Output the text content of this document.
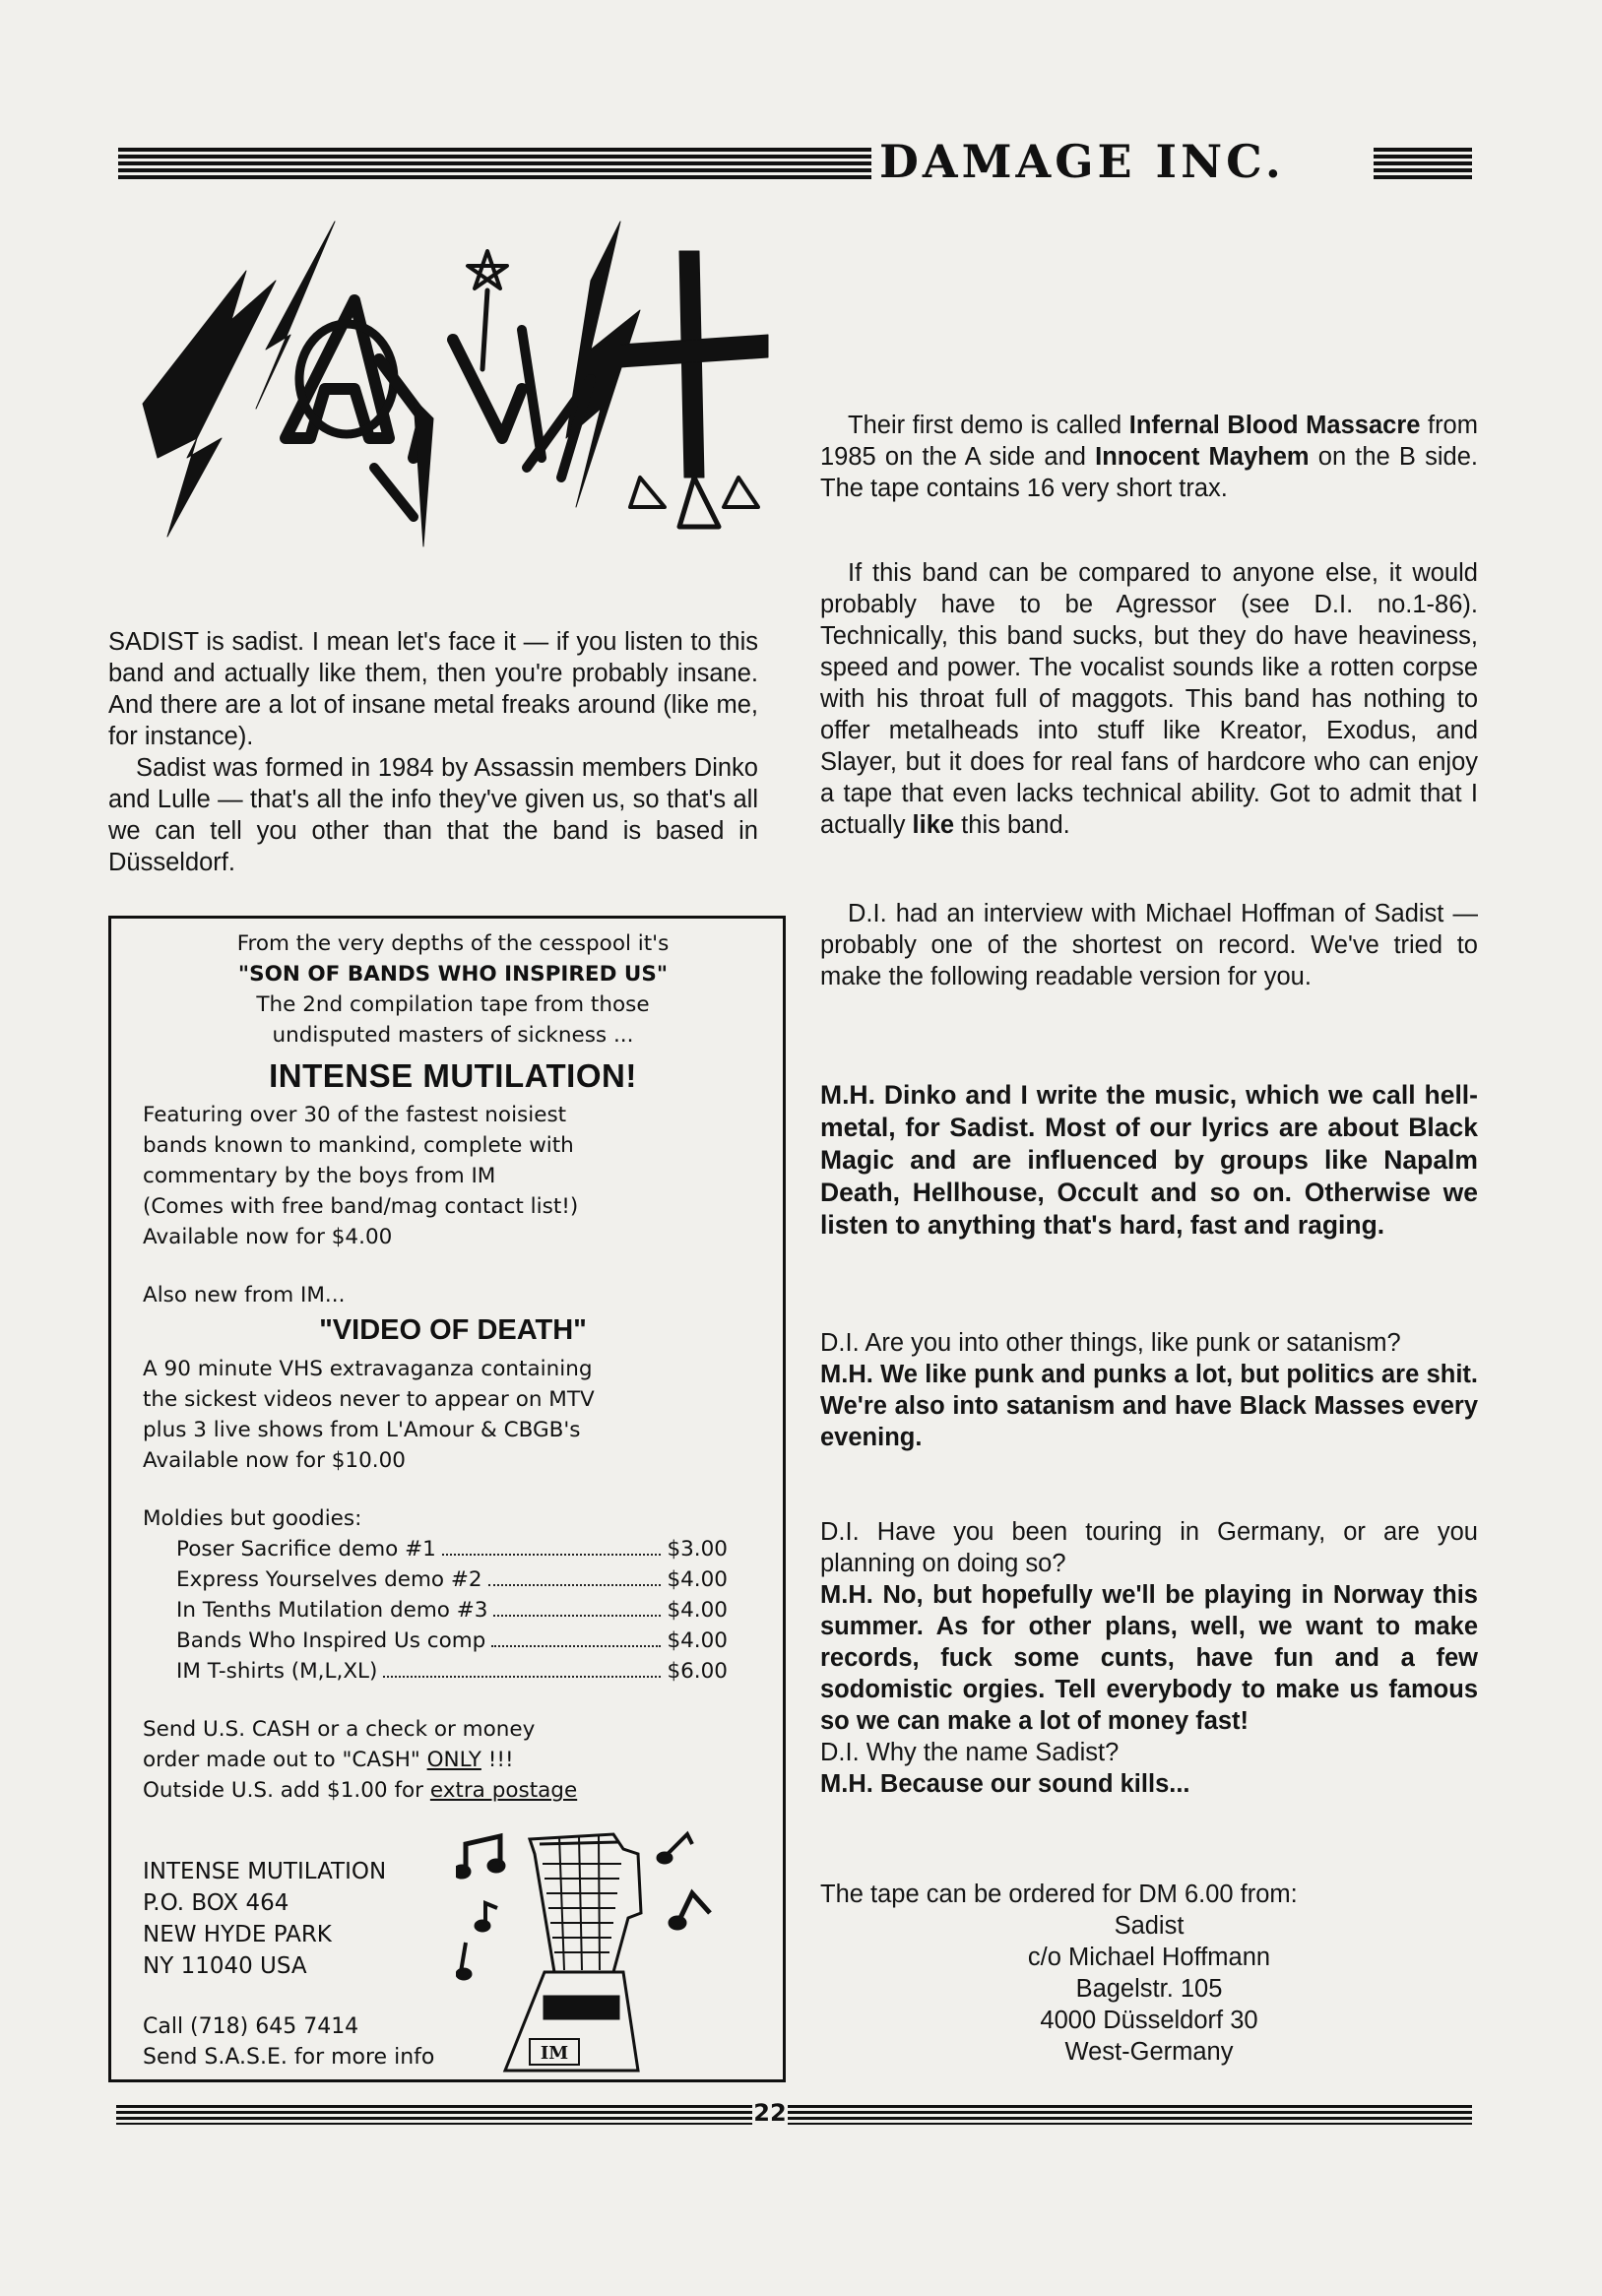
DAMAGE INC.

SADIST is sadist. I mean let's face it — if you listen to this band and actually like them, then you're probably insane. And there are a lot of insane metal freaks around (like me, for instance).

Sadist was formed in 1984 by Assassin members Dinko and Lulle — that's all the info they've given us, so that's all we can tell you other than that the band is based in Düsseldorf.

Their first demo is called Infernal Blood Massacre from 1985 on the A side and Innocent Mayhem on the B side. The tape contains 16 very short trax.
If this band can be compared to anyone else, it would probably have to be Agressor (see D.I. no.1-86). Technically, this band sucks, but they do have heaviness, speed and power. The vocalist sounds like a rotten corpse with his throat full of maggots. This band has nothing to offer metalheads into stuff like Kreator, Exodus, and Slayer, but it does for real fans of hardcore who can enjoy a tape that even lacks technical ability. Got to admit that I actually like this band.
D.I. had an interview with Michael Hoffman of Sadist — probably one of the shortest on record. We've tried to make the following readable version for you.
M.H. Dinko and I write the music, which we call hell-metal, for Sadist. Most of our lyrics are about Black Magic and are influenced by groups like Napalm Death, Hellhouse, Occult and so on. Otherwise we listen to anything that's hard, fast and raging.

D.I. Are you into other things, like punk or satanism?

M.H. We like punk and punks a lot, but politics are shit. We're also into satanism and have Black Masses every evening.

D.I. Have you been touring in Germany, or are you planning on doing so?

M.H. No, but hopefully we'll be playing in Norway this summer. As for other plans, well, we want to make records, fuck some cunts, have fun and a few sodomistic orgies. Tell everybody to make us famous so we can make a lot of money fast!

D.I. Why the name Sadist?

M.H. Because our sound kills...

The tape can be ordered for DM 6.00 from:

Sadist

c/o Michael Hoffmann

Bagelstr. 105

4000 Düsseldorf 30

West-Germany

From the very depths of the cesspool it's

"SON OF BANDS WHO INSPIRED US"

The 2nd compilation tape from those

undisputed masters of sickness ...

INTENSE MUTILATION!

Featuring over 30 of the fastest noisiest

bands known to mankind, complete with

commentary by the boys from IM

(Comes with free band/mag contact list!)

Available now for $4.00

Also new from IM...

"VIDEO OF DEATH"

A 90 minute VHS extravaganza containing

the sickest videos never to appear on MTV

plus 3 live shows from L'Amour & CBGB's

Available now for $10.00

Moldies but goodies:

Poser Sacrifice demo #1	$3.00
Express Yourselves demo #2	$4.00
In Tenths Mutilation demo #3	$4.00
Bands Who Inspired Us comp	$4.00
IM T-shirts (M,L,XL)	$6.00

Send U.S. CASH or a check or money

order made out to "CASH" ONLY !!!

Outside U.S. add $1.00 for extra postage

INTENSE MUTILATION
P.O. BOX 464
NEW HYDE PARK
NY 11040 USA
Call (718) 645 7414
Send S.A.S.E. for more info	IM
22
